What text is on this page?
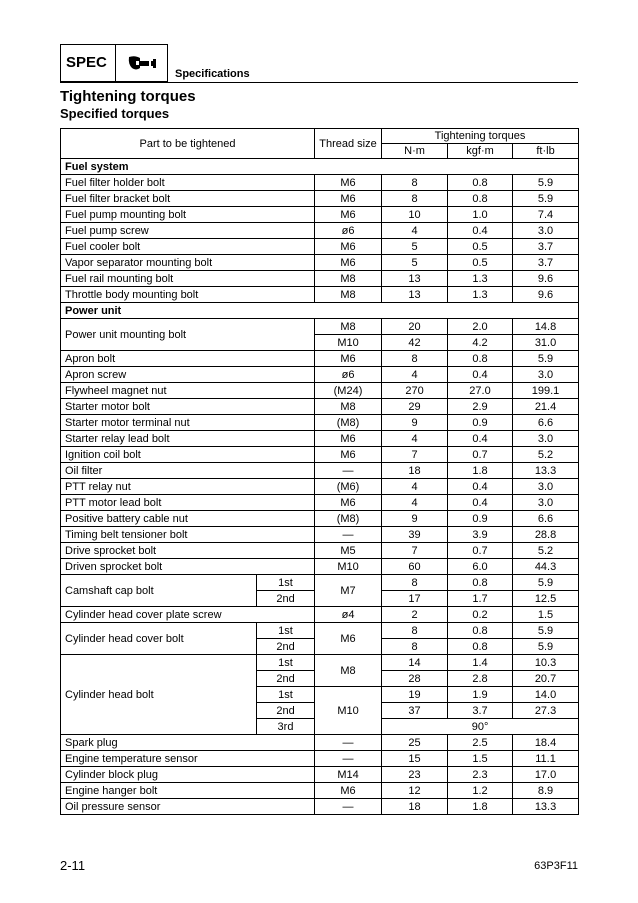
SPEC
Specifications
Tightening torques
Specified torques
Part to be tightened		Thread size	Tightening torques		
			N·m	kgf·m	ft·lb
Fuel system					
Fuel filter holder bolt		M6	8	0.8	5.9
Fuel filter bracket bolt		M6	8	0.8	5.9
Fuel pump mounting bolt		M6	10	1.0	7.4
Fuel pump screw		ø6	4	0.4	3.0
Fuel cooler bolt		M6	5	0.5	3.7
Vapor separator mounting bolt		M6	5	0.5	3.7
Fuel rail mounting bolt		M8	13	1.3	9.6
Throttle body mounting bolt		M8	13	1.3	9.6
Power unit					
Power unit mounting bolt		M8	20	2.0	14.8
		M10	42	4.2	31.0
Apron bolt		M6	8	0.8	5.9
Apron screw		ø6	4	0.4	3.0
Flywheel magnet nut		(M24)	270	27.0	199.1
Starter motor bolt		M8	29	2.9	21.4
Starter motor terminal nut		(M8)	9	0.9	6.6
Starter relay lead bolt		M6	4	0.4	3.0
Ignition coil bolt		M6	7	0.7	5.2
Oil filter		—	18	1.8	13.3
PTT relay nut		(M6)	4	0.4	3.0
PTT motor lead bolt		M6	4	0.4	3.0
Positive battery cable nut		(M8)	9	0.9	6.6
Timing belt tensioner bolt		—	39	3.9	28.8
Drive sprocket bolt		M5	7	0.7	5.2
Driven sprocket bolt		M10	60	6.0	44.3
Camshaft cap bolt	1st	M7	8	0.8	5.9
	2nd		17	1.7	12.5
Cylinder head cover plate screw		ø4	2	0.2	1.5
Cylinder head cover bolt	1st	M6	8	0.8	5.9
	2nd		8	0.8	5.9
Cylinder head bolt	1st	M8	14	1.4	10.3
	2nd		28	2.8	20.7
	1st	M10	19	1.9	14.0
	2nd		37	3.7	27.3
	3rd		90°		
Spark plug		—	25	2.5	18.4
Engine temperature sensor		—	15	1.5	11.1
Cylinder block plug		M14	23	2.3	17.0
Engine hanger bolt		M6	12	1.2	8.9
Oil pressure sensor		—	18	1.8	13.3
2-11	63P3F11
